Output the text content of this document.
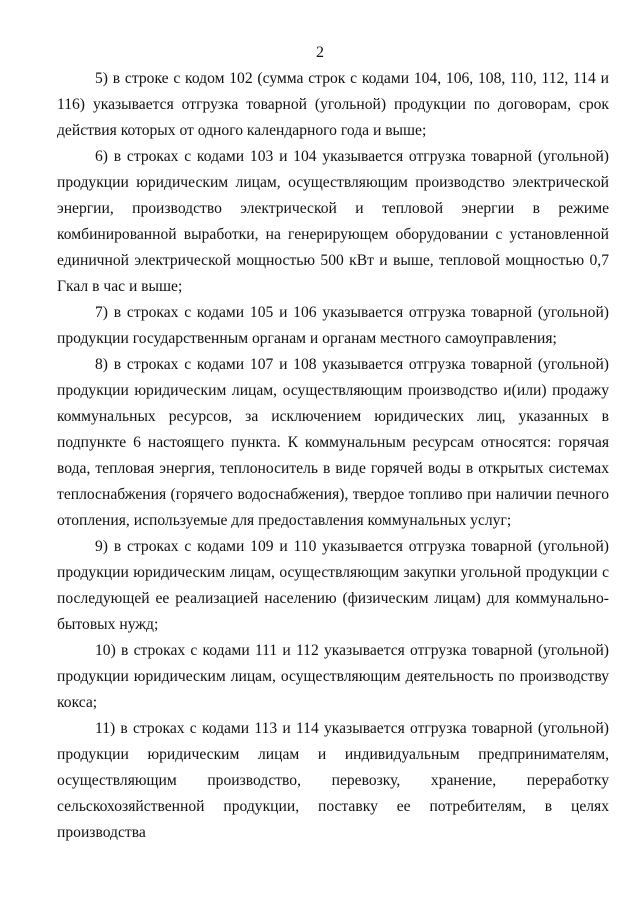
2

5) в строке с кодом 102 (сумма строк с кодами 104, 106, 108, 110, 112, 114 и 116) указывается отгрузка товарной (угольной) продукции по договорам, срок действия которых от одного календарного года и выше;

6) в строках с кодами 103 и 104 указывается отгрузка товарной (угольной) продукции юридическим лицам, осуществляющим производство электрической энергии, производство электрической и тепловой энергии в режиме комбинированной выработки, на генерирующем оборудовании с установленной единичной электрической мощностью 500 кВт и выше, тепловой мощностью 0,7 Гкал в час и выше;

7) в строках с кодами 105 и 106 указывается отгрузка товарной (угольной) продукции государственным органам и органам местного самоуправления;

8) в строках с кодами 107 и 108 указывается отгрузка товарной (угольной) продукции юридическим лицам, осуществляющим производство и(или) продажу коммунальных ресурсов, за исключением юридических лиц, указанных в подпункте 6 настоящего пункта. К коммунальным ресурсам относятся: горячая вода, тепловая энергия, теплоноситель в виде горячей воды в открытых системах теплоснабжения (горячего водоснабжения), твердое топливо при наличии печного отопления, используемые для предоставления коммунальных услуг;

9) в строках с кодами 109 и 110 указывается отгрузка товарной (угольной) продукции юридическим лицам, осуществляющим закупки угольной продукции с последующей ее реализацией населению (физическим лицам) для коммунально-бытовых нужд;

10) в строках с кодами 111 и 112 указывается отгрузка товарной (угольной) продукции юридическим лицам, осуществляющим деятельность по производству кокса;

11) в строках с кодами 113 и 114 указывается отгрузка товарной (угольной) продукции юридическим лицам и индивидуальным предпринимателям, осуществляющим производство, перевозку, хранение, переработку сельскохозяйственной продукции, поставку ее потребителям, в целях производства
